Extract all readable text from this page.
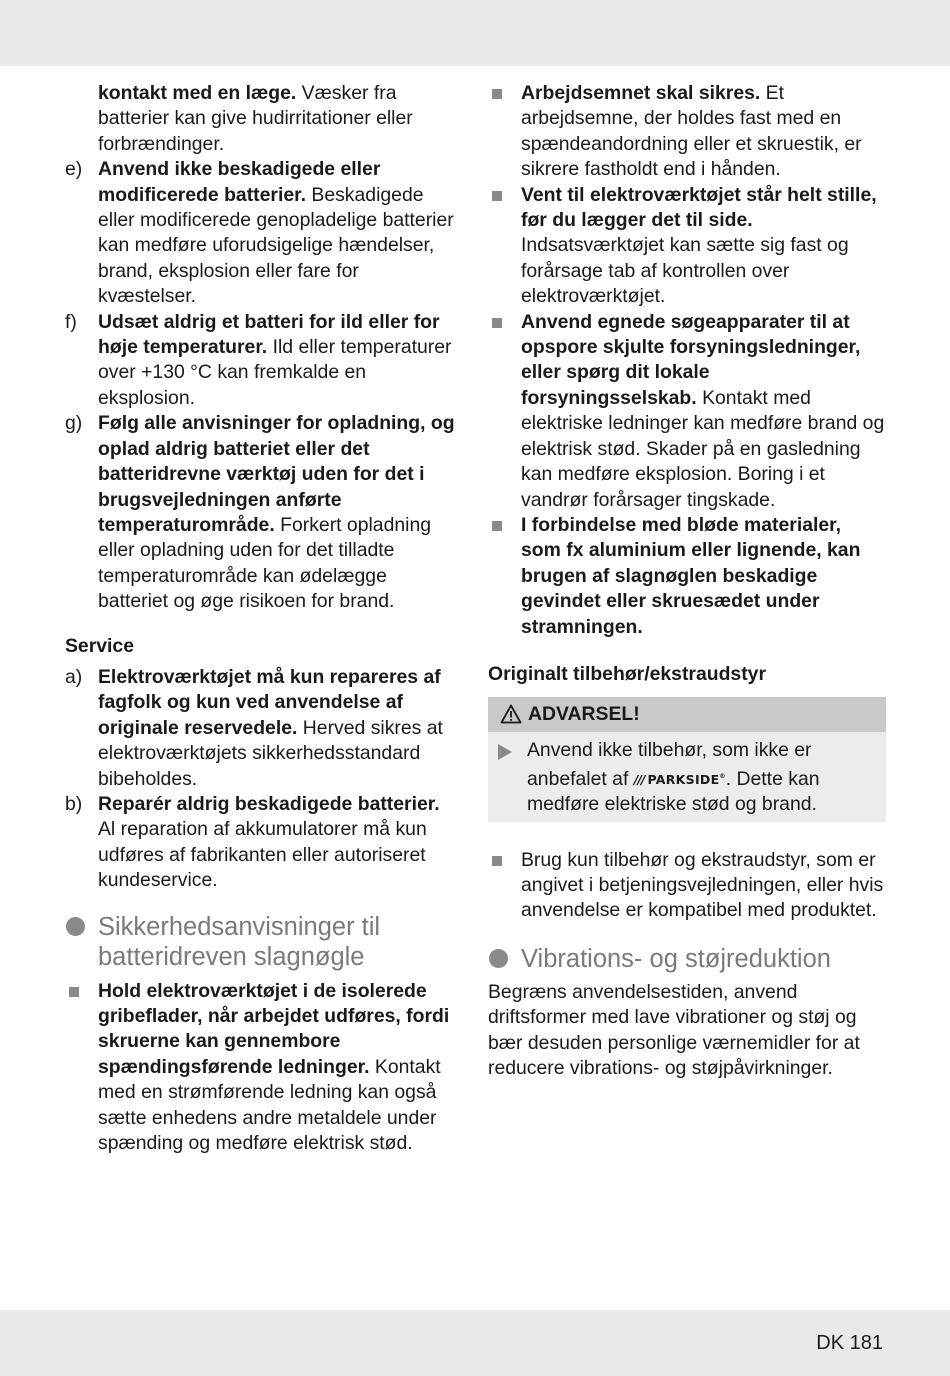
kontakt med en læge. Væsker fra batterier kan give hudirritationer eller forbrændinger.

e) Anvend ikke beskadigede eller modificerede batterier. Beskadigede eller modificerede genopladelige batterier kan medføre uforudsigelige hændelser, brand, eksplosion eller fare for kvæstelser.
f) Udsæt aldrig et batteri for ild eller for høje temperaturer. Ild eller temperaturer over +130 °C kan fremkalde en eksplosion.
g) Følg alle anvisninger for opladning, og oplad aldrig batteriet eller det batteridrevne værktøj uden for det i brugsvejledningen anførte temperaturområde. Forkert opladning eller opladning uden for det tilladte temperaturområde kan ødelægge batteriet og øge risikoen for brand.

Service

a) Elektroværktøjet må kun repareres af fagfolk og kun ved anvendelse af originale reservedele. Herved sikres at elektroværktøjets sikkerhedsstandard bibeholdes.
b) Reparér aldrig beskadigede batterier. Al reparation af akkumulatorer må kun udføres af fabrikanten eller autoriseret kundeservice.
Sikkerhedsanvisninger til batteridreven slagnøgle
Hold elektroværktøjet i de isolerede gribeflader, når arbejdet udføres, fordi skruerne kan gennembore spændingsførende ledninger. Kontakt med en strømførende ledning kan også sætte enhedens andre metaldele under spænding og medføre elektrisk stød.
Arbejdsemnet skal sikres. Et arbejdsemne, der holdes fast med en spændeandordning eller et skruestik, er sikrere fastholdt end i hånden.
Vent til elektroværktøjet står helt stille, før du lægger det til side. Indsatsværktøjet kan sætte sig fast og forårsage tab af kontrollen over elektroværktøjet.
Anvend egnede søgeapparater til at opspore skjulte forsyningsledninger, eller spørg dit lokale forsyningsselskab. Kontakt med elektriske ledninger kan medføre brand og elektrisk stød. Skader på en gasledning kan medføre eksplosion. Boring i et vandrør forårsager tingskade.
I forbindelse med bløde materialer, som fx aluminium eller lignende, kan brugen af slagnøglen beskadige gevindet eller skruesædet under stramningen.

Originalt tilbehør/ekstraudstyr

ADVARSEL!
Anvend ikke tilbehør, som ikke er anbefalet af /// PARKSIDE®. Dette kan medføre elektriske stød og brand.
Brug kun tilbehør og ekstraudstyr, som er angivet i betjeningsvejledningen, eller hvis anvendelse er kompatibel med produktet.
Vibrations- og støjreduktion

Begræns anvendelsestiden, anvend driftsformer med lave vibrationer og støj og bær desuden personlige værnemidler for at reducere vibrations- og støjpåvirkninger.

DK 181
